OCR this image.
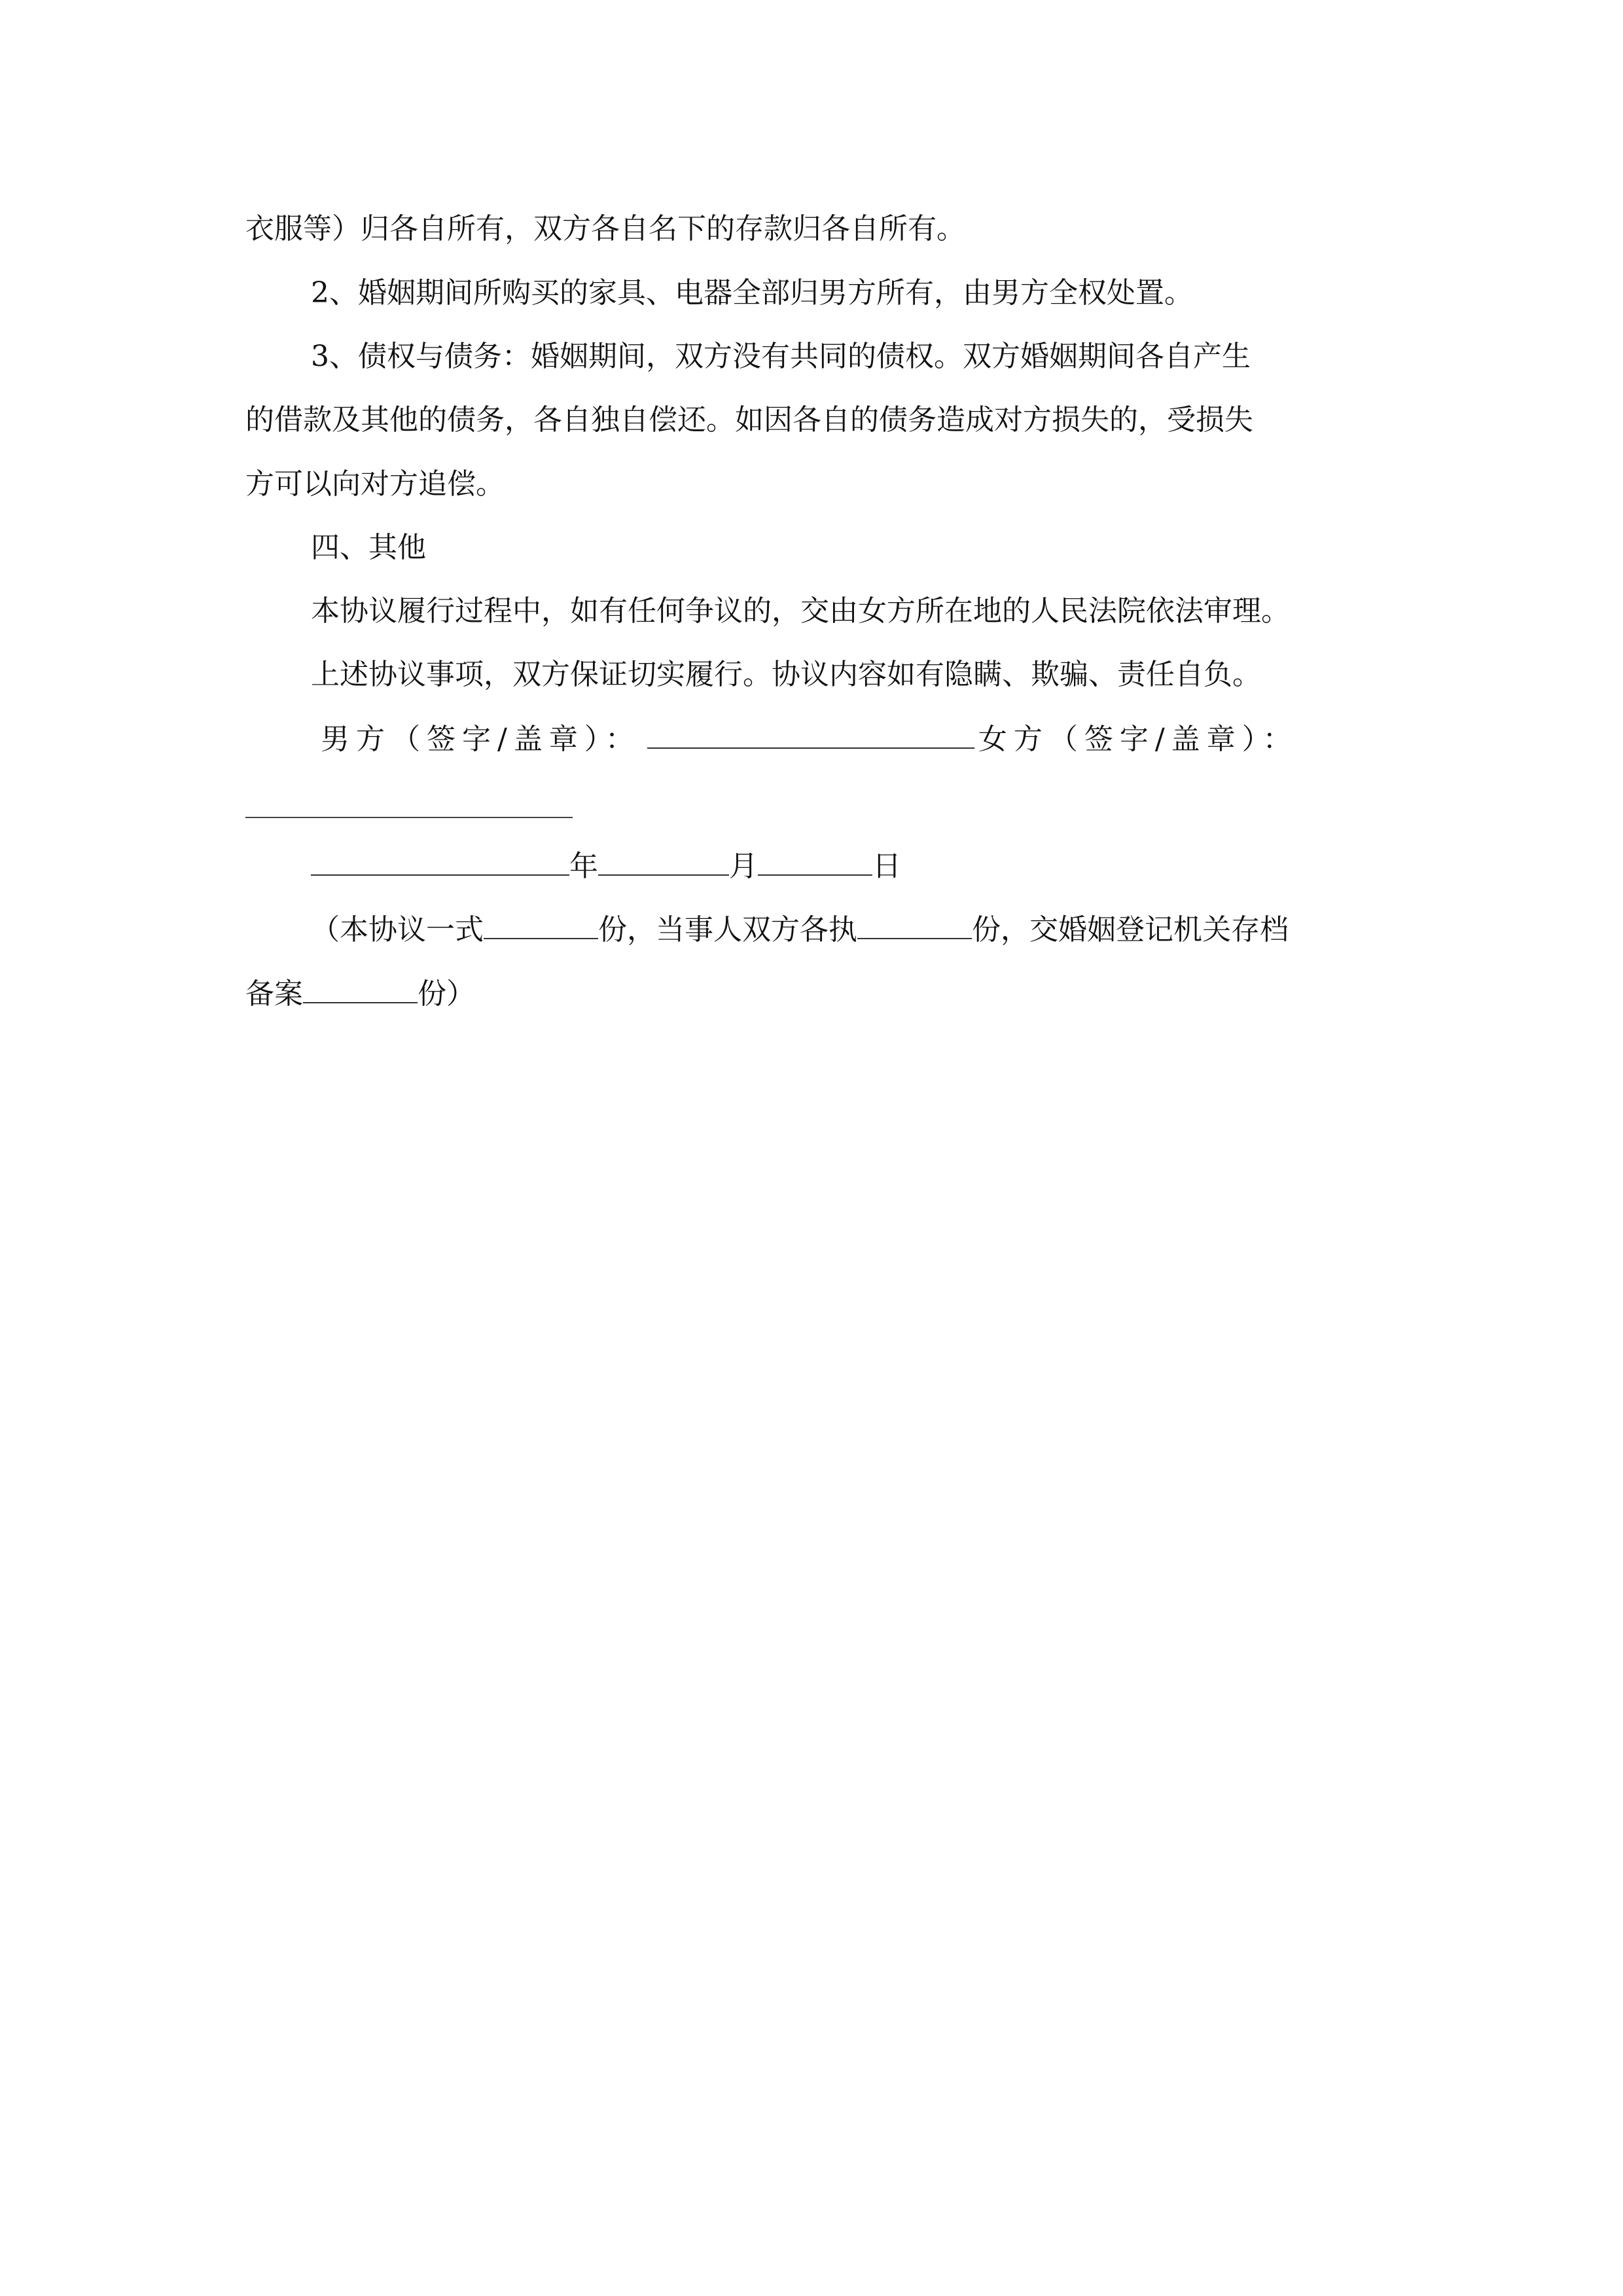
衣服等）归各自所有，双方各自名下的存款归各自所有。
2、婚姻期间所购买的家具、电器全部归男方所有，由男方全权处置。
3、债权与债务：婚姻期间，双方没有共同的债权。双方婚姻期间各自产生
的借款及其他的债务，各自独自偿还。如因各自的债务造成对方损失的，受损失
方可以向对方追偿。
四、其他
本协议履行过程中，如有任何争议的，交由女方所在地的人民法院依法审理。
上述协议事项，双方保证切实履行。协议内容如有隐瞒、欺骗、责任自负。
男方（签字/盖章）：	女方（签字/盖章）：
年	月	日
（本协议一式	份，当事人双方各执	份，交婚姻登记机关存档
备案	份）
